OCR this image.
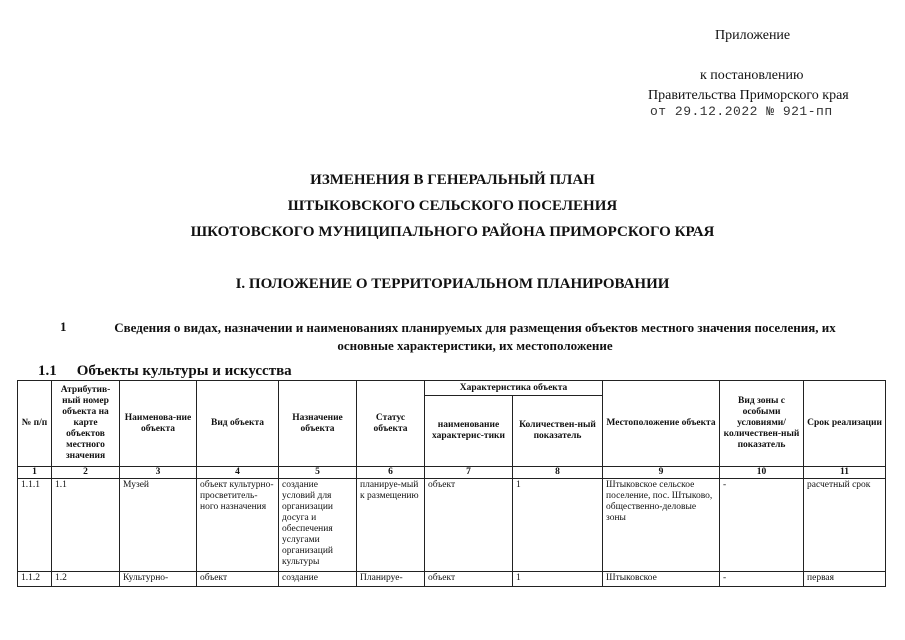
Приложение
к постановлению
Правительства Приморского края
от 29.12.2022 № 921-пп
ИЗМЕНЕНИЯ В ГЕНЕРАЛЬНЫЙ ПЛАН
ШТЫКОВСКОГО СЕЛЬСКОГО ПОСЕЛЕНИЯ
ШКОТОВСКОГО МУНИЦИПАЛЬНОГО РАЙОНА ПРИМОРСКОГО КРАЯ
I. ПОЛОЖЕНИЕ О ТЕРРИТОРИАЛЬНОМ ПЛАНИРОВАНИИ
1	Сведения о видах, назначении и наименованиях планируемых для размещения объектов местного значения поселения, их основные характеристики, их местоположение
1.1 Объекты культуры и искусства
№ п/п	Атрибутив-ный номер объекта на карте объектов местного значения	Наименова-ние объекта	Вид объекта	Назначение объекта	Статус объекта	Характеристика объекта		Местоположение объекта	Вид зоны с особыми условиями/ количествен-ный показатель	Срок реализации
						наименование характерис-тики	Количествен-ный показатель			
1	2	3	4	5	6	7	8	9	10	11
1.1.1	1.1	Музей	объект культурно-просветитель-ного назначения	создание условий для организации досуга и обеспечения услугами организаций культуры	планируе-мый к размещению	объект	1	Штыковское сельское поселение, пос. Штыково, общественно-деловые зоны	-	расчетный срок
1.1.2	1.2	Культурно-	объект	создание	Планируе-	объект	1	Штыковское	-	первая
